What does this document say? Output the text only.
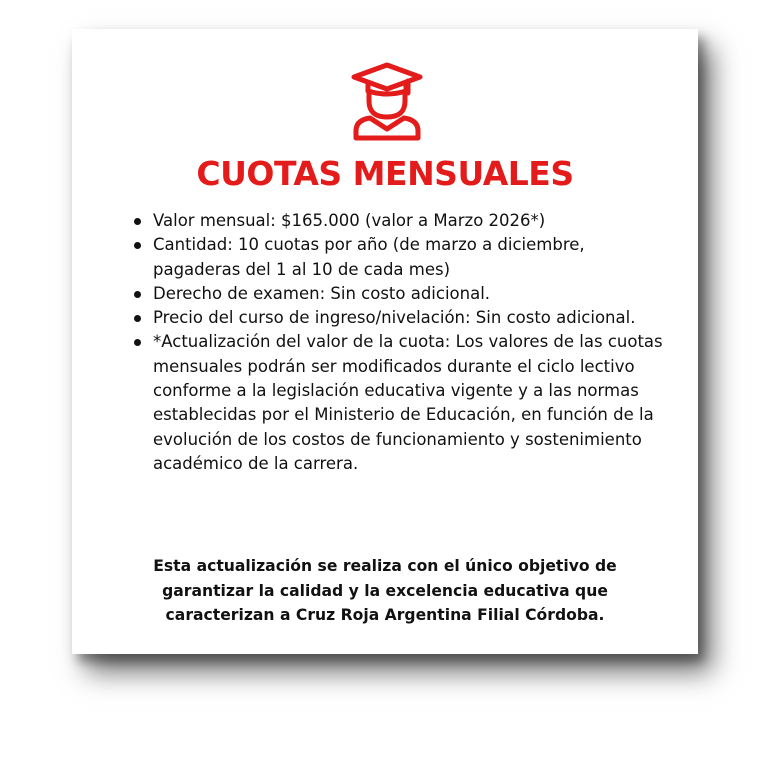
CUOTAS MENSUALES
Valor mensual: $165.000 (valor a Marzo 2026*)
Cantidad: 10 cuotas por año (de marzo a diciembre, pagaderas del 1 al 10 de cada mes)
Derecho de examen: Sin costo adicional.
Precio del curso de ingreso/nivelación: Sin costo adicional.
*Actualización del valor de la cuota: Los valores de las cuotas mensuales podrán ser modificados durante el ciclo lectivo conforme a la legislación educativa vigente y a las normas establecidas por el Ministerio de Educación, en función de la evolución de los costos de funcionamiento y sostenimiento académico de la carrera.

Esta actualización se realiza con el único objetivo de garantizar la calidad y la excelencia educativa que caracterizan a Cruz Roja Argentina Filial Córdoba.
